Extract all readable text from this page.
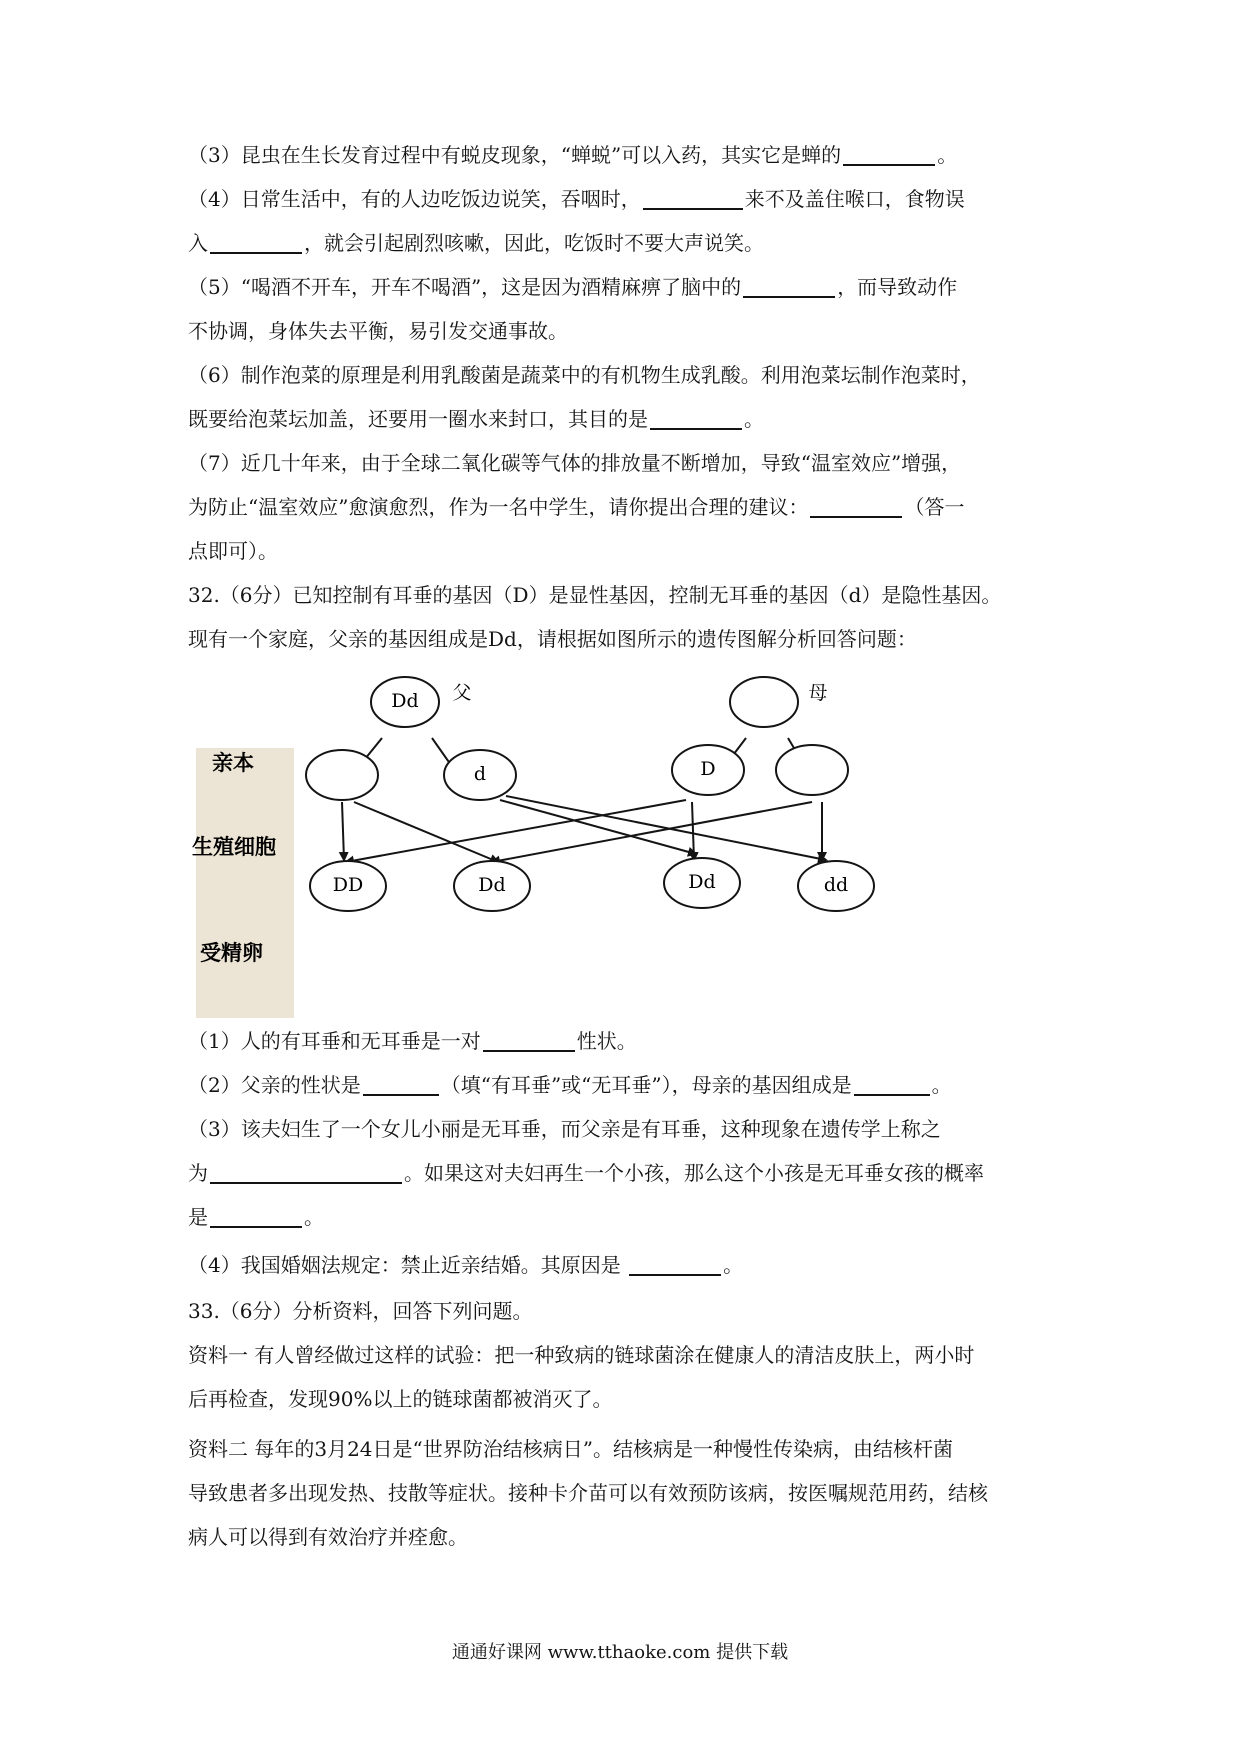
（3）昆虫在生长发育过程中有蜕皮现象，“蝉蜕”可以入药，其实它是蝉的	。
（4）日常生活中，有的人边吃饭边说笑，吞咽时，	来不及盖住喉口，食物误
入	，就会引起剧烈咳嗽，因此，吃饭时不要大声说笑。
（5）“喝酒不开车，开车不喝酒”，这是因为酒精麻痹了脑中的	，而导致动作
不协调，身体失去平衡，易引发交通事故。
（6）制作泡菜的原理是利用乳酸菌是蔬菜中的有机物生成乳酸。利用泡菜坛制作泡菜时，
既要给泡菜坛加盖，还要用一圈水来封口，其目的是	。
（7）近几十年来，由于全球二氧化碳等气体的排放量不断增加，导致“温室效应”增强，
为防止“温室效应”愈演愈烈，作为一名中学生，请你提出合理的建议：	（答一
点即可）。
32.（6分）已知控制有耳垂的基因（D）是显性基因，控制无耳垂的基因（d）是隐性基因。
现有一个家庭，父亲的基因组成是Dd，请根据如图所示的遗传图解分析回答问题：
亲本
生殖细胞
受精卵
Dd 父	母
d	D
DD	Dd	Dd	dd
（1）人的有耳垂和无耳垂是一对	性状。
（2）父亲的性状是	（填“有耳垂”或“无耳垂”），母亲的基因组成是	。
（3）该夫妇生了一个女儿小丽是无耳垂，而父亲是有耳垂，这种现象在遗传学上称之
为	。如果这对夫妇再生一个小孩，那么这个小孩是无耳垂女孩的概率
是	。
（4）我国婚姻法规定：禁止近亲结婚。其原因是	。
33.（6分）分析资料，回答下列问题。
资料一 有人曾经做过这样的试验：把一种致病的链球菌涂在健康人的清洁皮肤上，两小时
后再检查，发现90%以上的链球菌都被消灭了。
资料二 每年的3月24日是“世界防治结核病日”。结核病是一种慢性传染病，由结核杆菌
导致患者多出现发热、技散等症状。接种卡介苗可以有效预防该病，按医嘱规范用药，结核
病人可以得到有效治疗并痊愈。
通通好课网 www.tthaoke.com 提供下载
